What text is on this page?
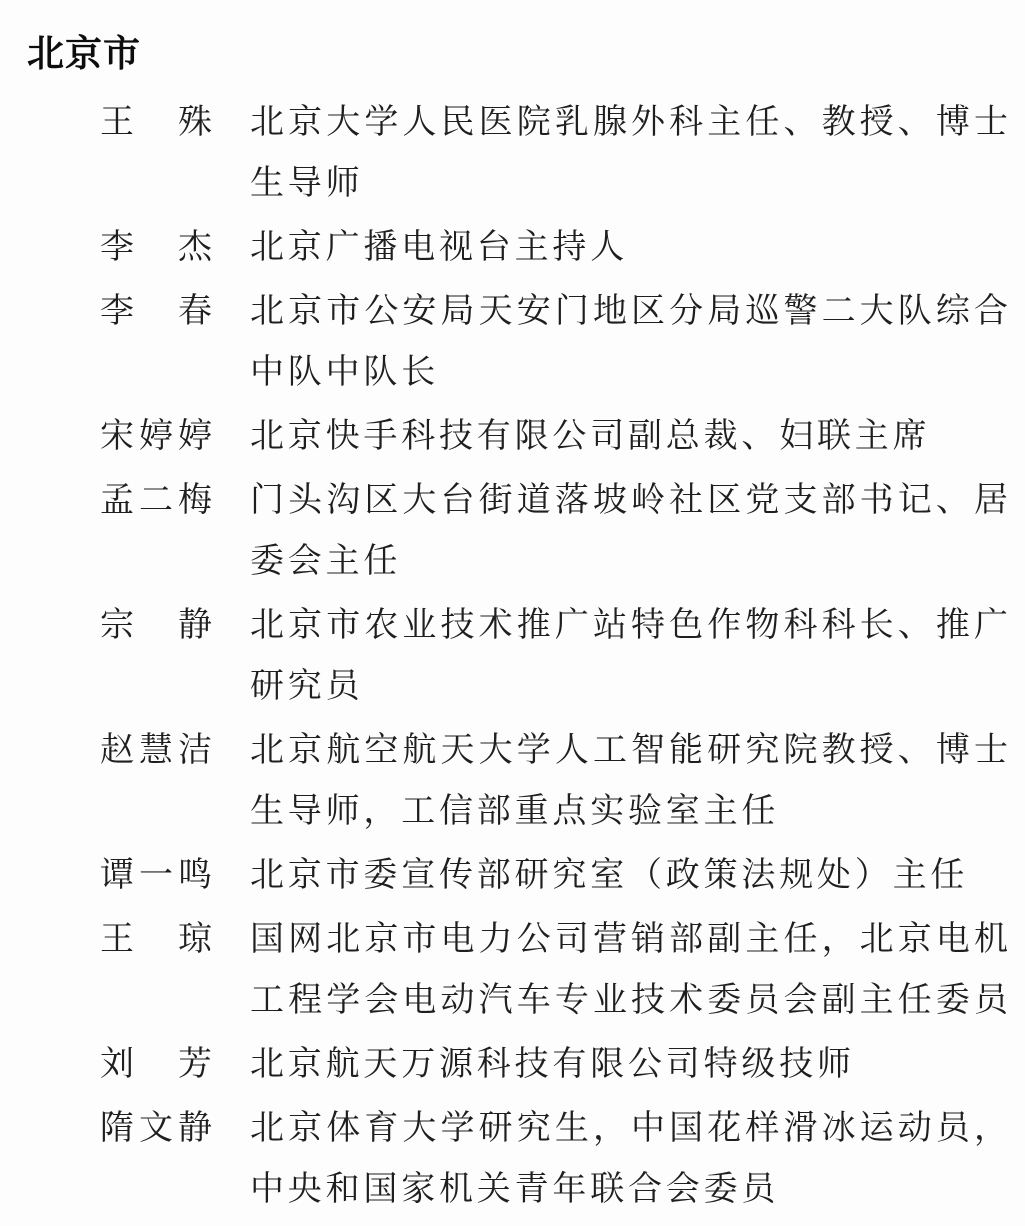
北京市
王　殊 北京大学人民医院乳腺外科主任、教授、博士
生导师
李　杰 北京广播电视台主持人
李　春 北京市公安局天安门地区分局巡警二大队综合
中队中队长
宋婷婷 北京快手科技有限公司副总裁、妇联主席
孟二梅 门头沟区大台街道落坡岭社区党支部书记、居
委会主任
宗　静 北京市农业技术推广站特色作物科科长、推广
研究员
赵慧洁 北京航空航天大学人工智能研究院教授、博士
生导师，工信部重点实验室主任
谭一鸣 北京市委宣传部研究室（政策法规处）主任
王　琼 国网北京市电力公司营销部副主任，北京电机
工程学会电动汽车专业技术委员会副主任委员
刘　芳 北京航天万源科技有限公司特级技师
隋文静 北京体育大学研究生，中国花样滑冰运动员，
中央和国家机关青年联合会委员
